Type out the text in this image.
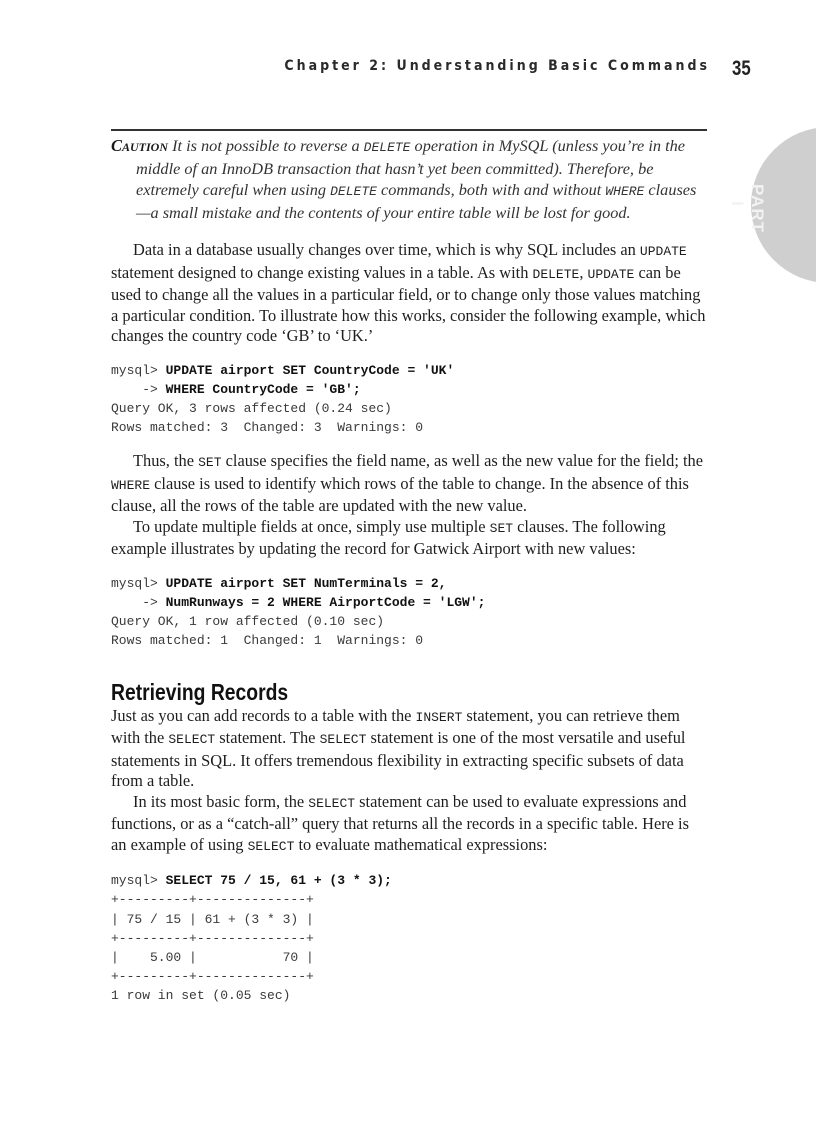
Chapter 2: Understanding Basic Commands 35
PART I

Caution It is not possible to reverse a DELETE operation in MySQL (unless you’re in the middle of an InnoDB transaction that hasn’t yet been committed). Therefore, be extremely careful when using DELETE commands, both with and without WHERE clauses—a small mistake and the contents of your entire table will be lost for good.

Data in a database usually changes over time, which is why SQL includes an UPDATE statement designed to change existing values in a table. As with DELETE, UPDATE can be used to change all the values in a particular field, or to change only those values matching a particular condition. To illustrate how this works, consider the following example, which changes the country code ‘GB’ to ‘UK.’

mysql> UPDATE airport SET CountryCode = 'UK'
-> WHERE CountryCode = 'GB';
Query OK, 3 rows affected (0.24 sec)
Rows matched: 3  Changed: 3  Warnings: 0

Thus, the SET clause specifies the field name, as well as the new value for the field; the WHERE clause is used to identify which rows of the table to change. In the absence of this clause, all the rows of the table are updated with the new value.

To update multiple fields at once, simply use multiple SET clauses. The following example illustrates by updating the record for Gatwick Airport with new values:

mysql> UPDATE airport SET NumTerminals = 2,
-> NumRunways = 2 WHERE AirportCode = 'LGW';
Query OK, 1 row affected (0.10 sec)
Rows matched: 1  Changed: 1  Warnings: 0
Retrieving Records

Just as you can add records to a table with the INSERT statement, you can retrieve them with the SELECT statement. The SELECT statement is one of the most versatile and useful statements in SQL. It offers tremendous flexibility in extracting specific subsets of data from a table.

In its most basic form, the SELECT statement can be used to evaluate expressions and functions, or as a “catch-all” query that returns all the records in a specific table. Here is an example of using SELECT to evaluate mathematical expressions:

mysql> SELECT 75 / 15, 61 + (3 * 3);
+---------+--------------+
| 75 / 15 | 61 + (3 * 3) |
+---------+--------------+
|    5.00 |           70 |
+---------+--------------+
1 row in set (0.05 sec)
